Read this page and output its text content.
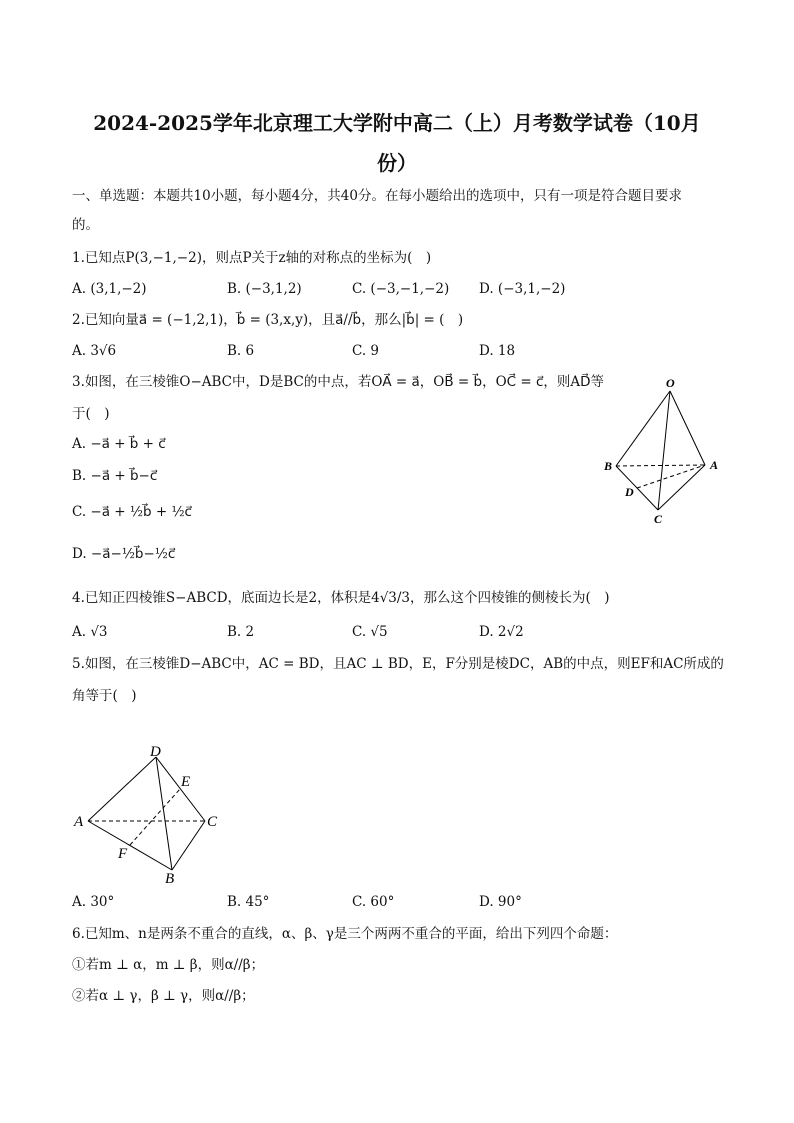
2024-2025学年北京理工大学附中高二（上）月考数学试卷（10月
份）
一、单选题：本题共10小题，每小题4分，共40分。在每小题给出的选项中，只有一项是符合题目要求
的。
1.已知点P(3,−1,−2)，则点P关于z轴的对称点的坐标为(　)
A. (3,1,−2)	B. (−3,1,2)	C. (−3,−1,−2) D. (−3,1,−2)
2.已知向量a⃗ = (−1,2,1)，b⃗ = (3,x,y)，且a⃗//b⃗，那么|b⃗| = (　)
A. 3√6	B. 6	C. 9	D. 18
3.如图，在三棱锥O−ABC中，D是BC的中点，若OA⃗ = a⃗，OB⃗ = b⃗，OC⃗ = c⃗，则AD⃗等
于(　)
A. −a⃗ + b⃗ + c⃗
B. −a⃗ + b⃗−c⃗
C. −a⃗ + ½b⃗ + ½c⃗
D. −a⃗−½b⃗−½c⃗
O
A
B
C
D
4.已知正四棱锥S−ABCD，底面边长是2，体积是4√3/3，那么这个四棱锥的侧棱长为(　)
A. √3	B. 2	C. √5	D. 2√2
5.如图，在三棱锥D−ABC中，AC = BD，且AC ⊥ BD，E，F分别是棱DC，AB的中点，则EF和AC所成的
角等于(　)
D
E
A	C
F
B
A. 30°	B. 45°	C. 60°	D. 90°
6.已知m、n是两条不重合的直线，α、β、γ是三个两两不重合的平面，给出下列四个命题：
①若m ⊥ α，m ⊥ β，则α//β；
②若α ⊥ γ，β ⊥ γ，则α//β；
